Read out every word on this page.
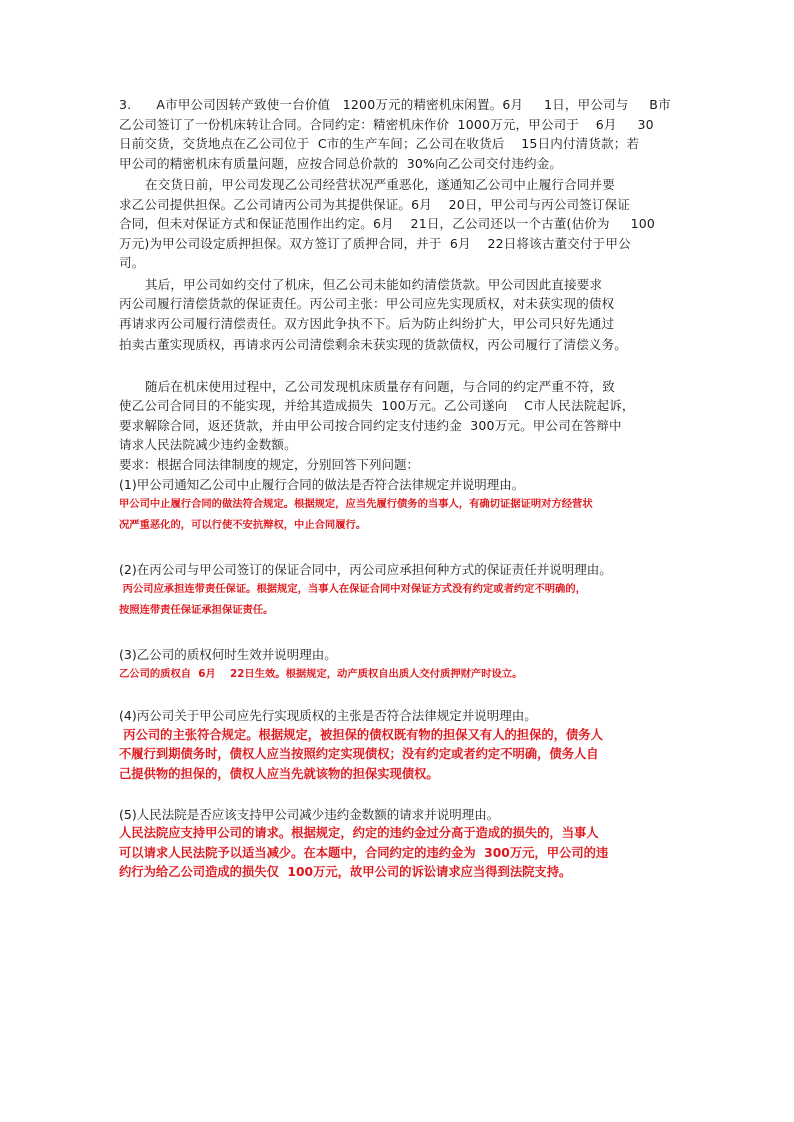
3.      A市甲公司因转产致使一台价值   1200万元的精密机床闲置。6月     1日，甲公司与     B市
乙公司签订了一份机床转让合同。合同约定：精密机床作价  1000万元，甲公司于    6月     30
日前交货，交货地点在乙公司位于  C市的生产车间；乙公司在收货后    15日内付清货款；若
甲公司的精密机床有质量问题，应按合同总价款的  30%向乙公司交付违约金。
在交货日前，甲公司发现乙公司经营状况严重恶化，遂通知乙公司中止履行合同并要
求乙公司提供担保。乙公司请丙公司为其提供保证。6月    20日，甲公司与丙公司签订保证
合同，但未对保证方式和保证范围作出约定。6月    21日，乙公司还以一个古董(估价为     100
万元)为甲公司设定质押担保。双方签订了质押合同，并于  6月    22日将该古董交付于甲公
司。
其后，甲公司如约交付了机床，但乙公司未能如约清偿货款。甲公司因此直接要求
丙公司履行清偿货款的保证责任。丙公司主张：甲公司应先实现质权，对未获实现的债权
再请求丙公司履行清偿责任。双方因此争执不下。后为防止纠纷扩大，甲公司只好先通过
拍卖古董实现质权，再请求丙公司清偿剩余未获实现的货款债权，丙公司履行了清偿义务。
随后在机床使用过程中，乙公司发现机床质量存有问题，与合同的约定严重不符，致
使乙公司合同目的不能实现，并给其造成损失  100万元。乙公司遂向    C市人民法院起诉，
要求解除合同，返还货款，并由甲公司按合同约定支付违约金  300万元。甲公司在答辩中
请求人民法院减少违约金数额。
要求：根据合同法律制度的规定，分别回答下列问题：
(1)甲公司通知乙公司中止履行合同的做法是否符合法律规定并说明理由。
甲公司中止履行合同的做法符合规定。根据规定，应当先履行债务的当事人，有确切证据证明对方经营状
况严重恶化的，可以行使不安抗辩权，中止合同履行。
(2)在丙公司与甲公司签订的保证合同中，丙公司应承担何种方式的保证责任并说明理由。
丙公司应承担连带责任保证。根据规定，当事人在保证合同中对保证方式没有约定或者约定不明确的，
按照连带责任保证承担保证责任。
(3)乙公司的质权何时生效并说明理由。
乙公司的质权自  6月    22日生效。根据规定，动产质权自出质人交付质押财产时设立。
(4)丙公司关于甲公司应先行实现质权的主张是否符合法律规定并说明理由。
丙公司的主张符合规定。根据规定，被担保的债权既有物的担保又有人的担保的，债务人
不履行到期债务时，债权人应当按照约定实现债权；没有约定或者约定不明确，债务人自
己提供物的担保的，债权人应当先就该物的担保实现债权。
(5)人民法院是否应该支持甲公司减少违约金数额的请求并说明理由。
人民法院应支持甲公司的请求。根据规定，约定的违约金过分高于造成的损失的，当事人
可以请求人民法院予以适当减少。在本题中，合同约定的违约金为  300万元，甲公司的违
约行为给乙公司造成的损失仅  100万元，故甲公司的诉讼请求应当得到法院支持。
